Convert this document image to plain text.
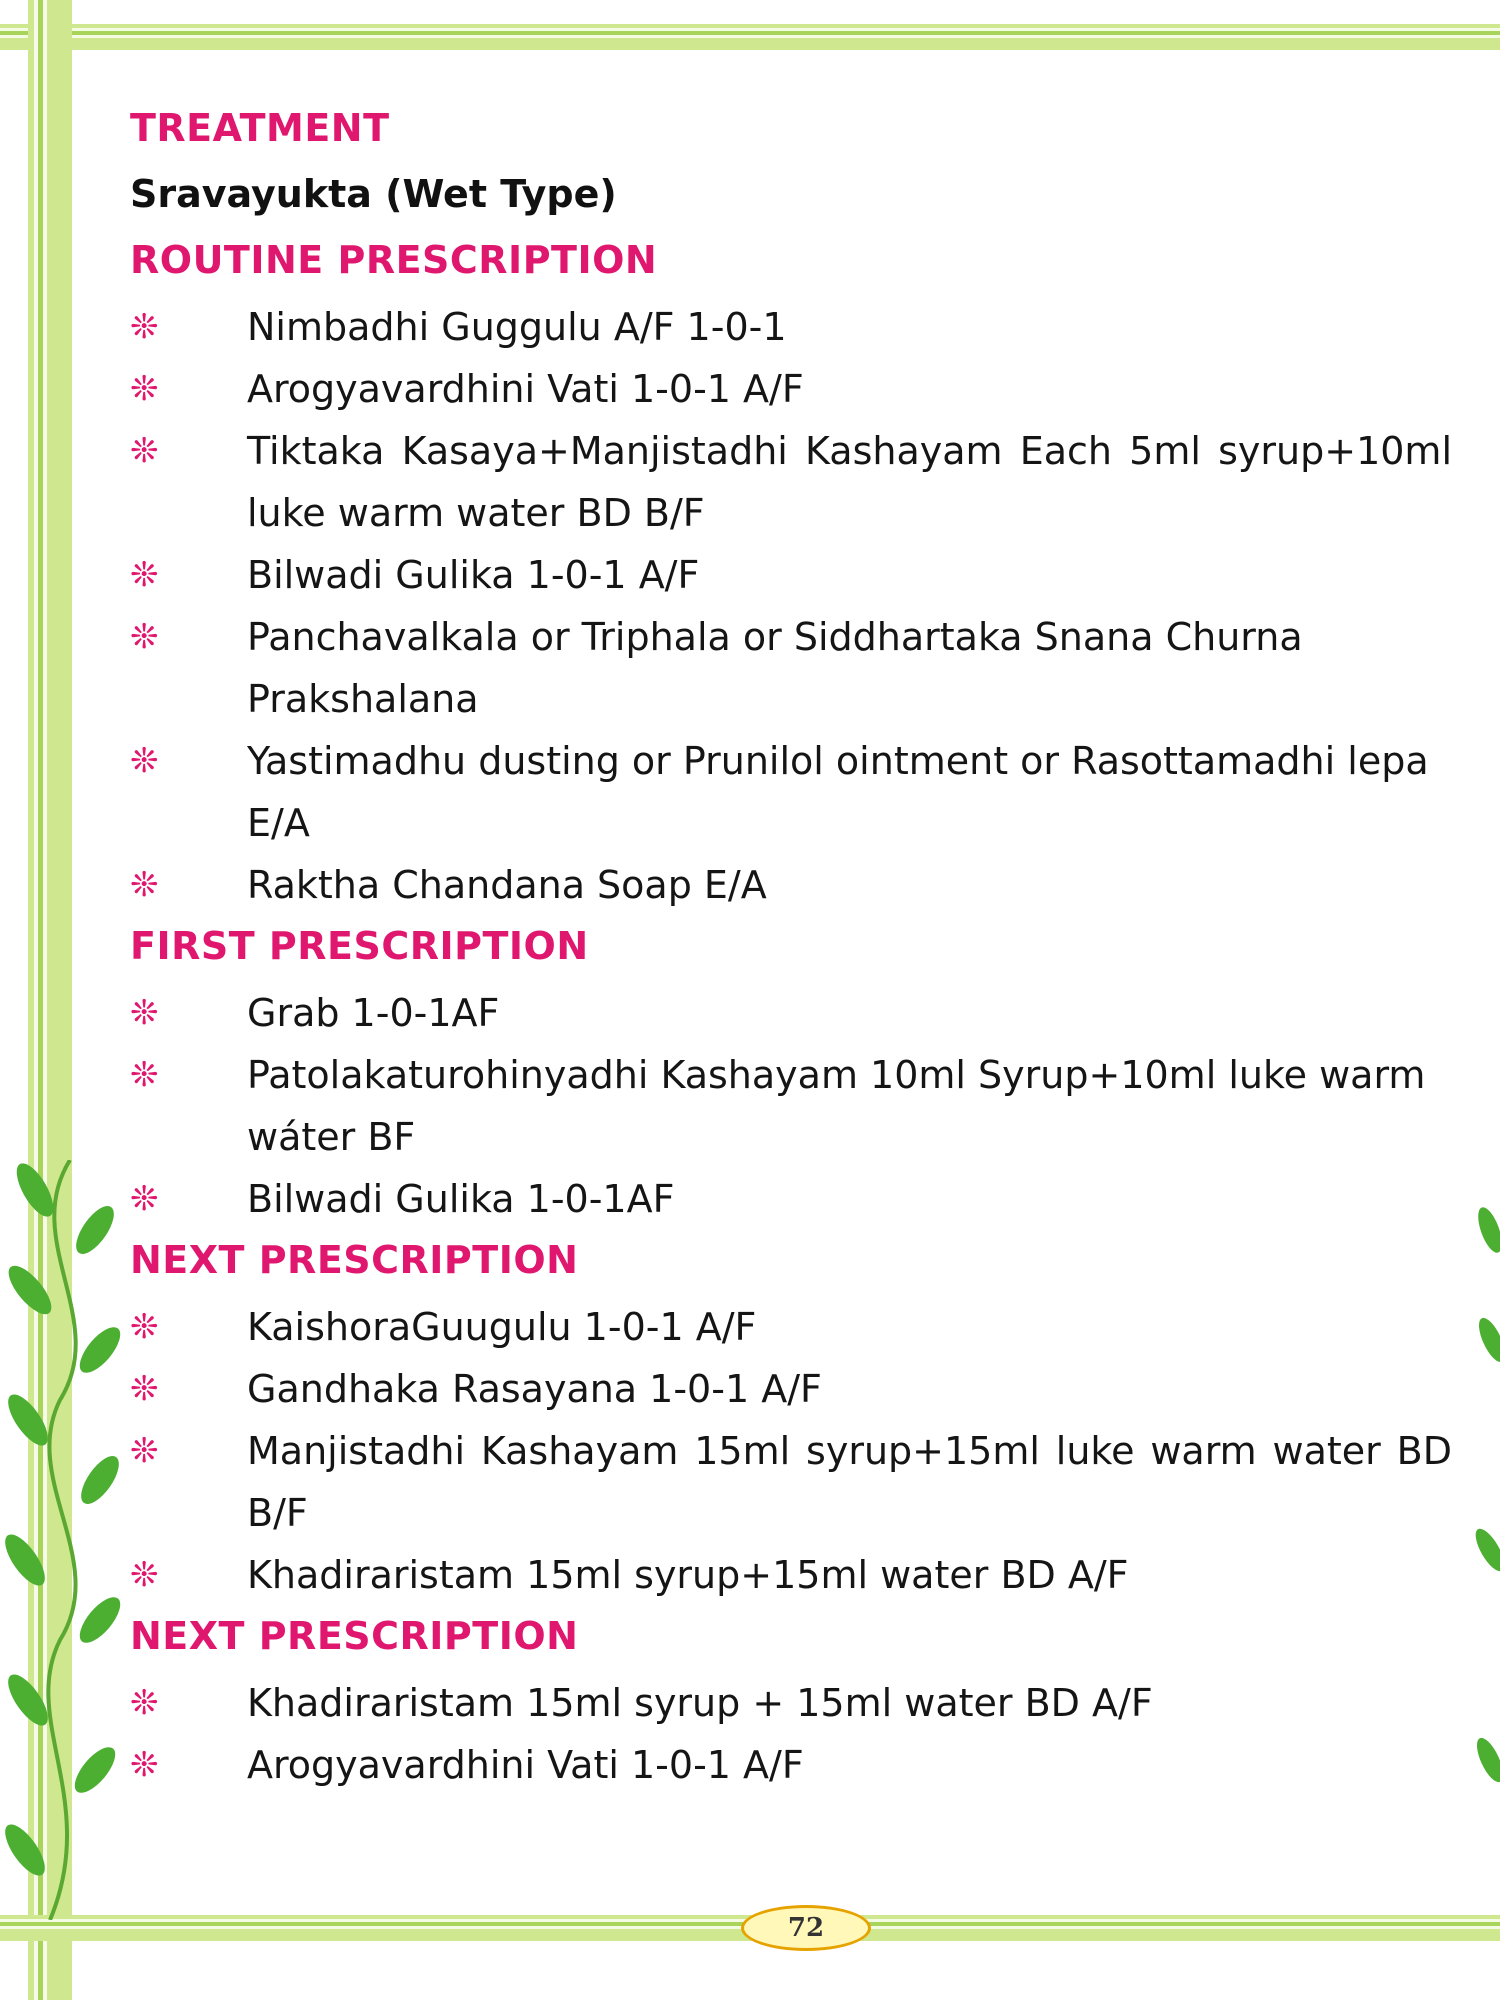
TREATMENT
Sravayukta (Wet Type)
ROUTINE PRESCRIPTION
❊	Nimbadhi Guggulu A/F 1-0-1
❊	Arogyavardhini Vati 1-0-1 A/F
❊	Tiktaka Kasaya+Manjistadhi Kashayam Each 5ml syrup+10ml luke warm water BD B/F
❊	Bilwadi Gulika 1-0-1 A/F
❊	Panchavalkala or Triphala or Siddhartaka Snana Churna Prakshalana
❊	Yastimadhu dusting or Prunilol ointment or Rasottamadhi lepa E/A
❊	Raktha Chandana Soap E/A
FIRST PRESCRIPTION
❊	Grab 1-0-1AF
❊	Patolakaturohinyadhi Kashayam 10ml Syrup+10ml luke warm wáter BF
❊	Bilwadi Gulika 1-0-1AF
NEXT PRESCRIPTION
❊	KaishoraGuugulu 1-0-1 A/F
❊	Gandhaka Rasayana 1-0-1 A/F
❊	Manjistadhi Kashayam 15ml syrup+15ml luke warm water BD B/F
❊	Khadiraristam 15ml syrup+15ml water BD A/F
NEXT PRESCRIPTION
❊	Khadiraristam 15ml syrup + 15ml water BD A/F
❊	Arogyavardhini Vati 1-0-1 A/F
72
